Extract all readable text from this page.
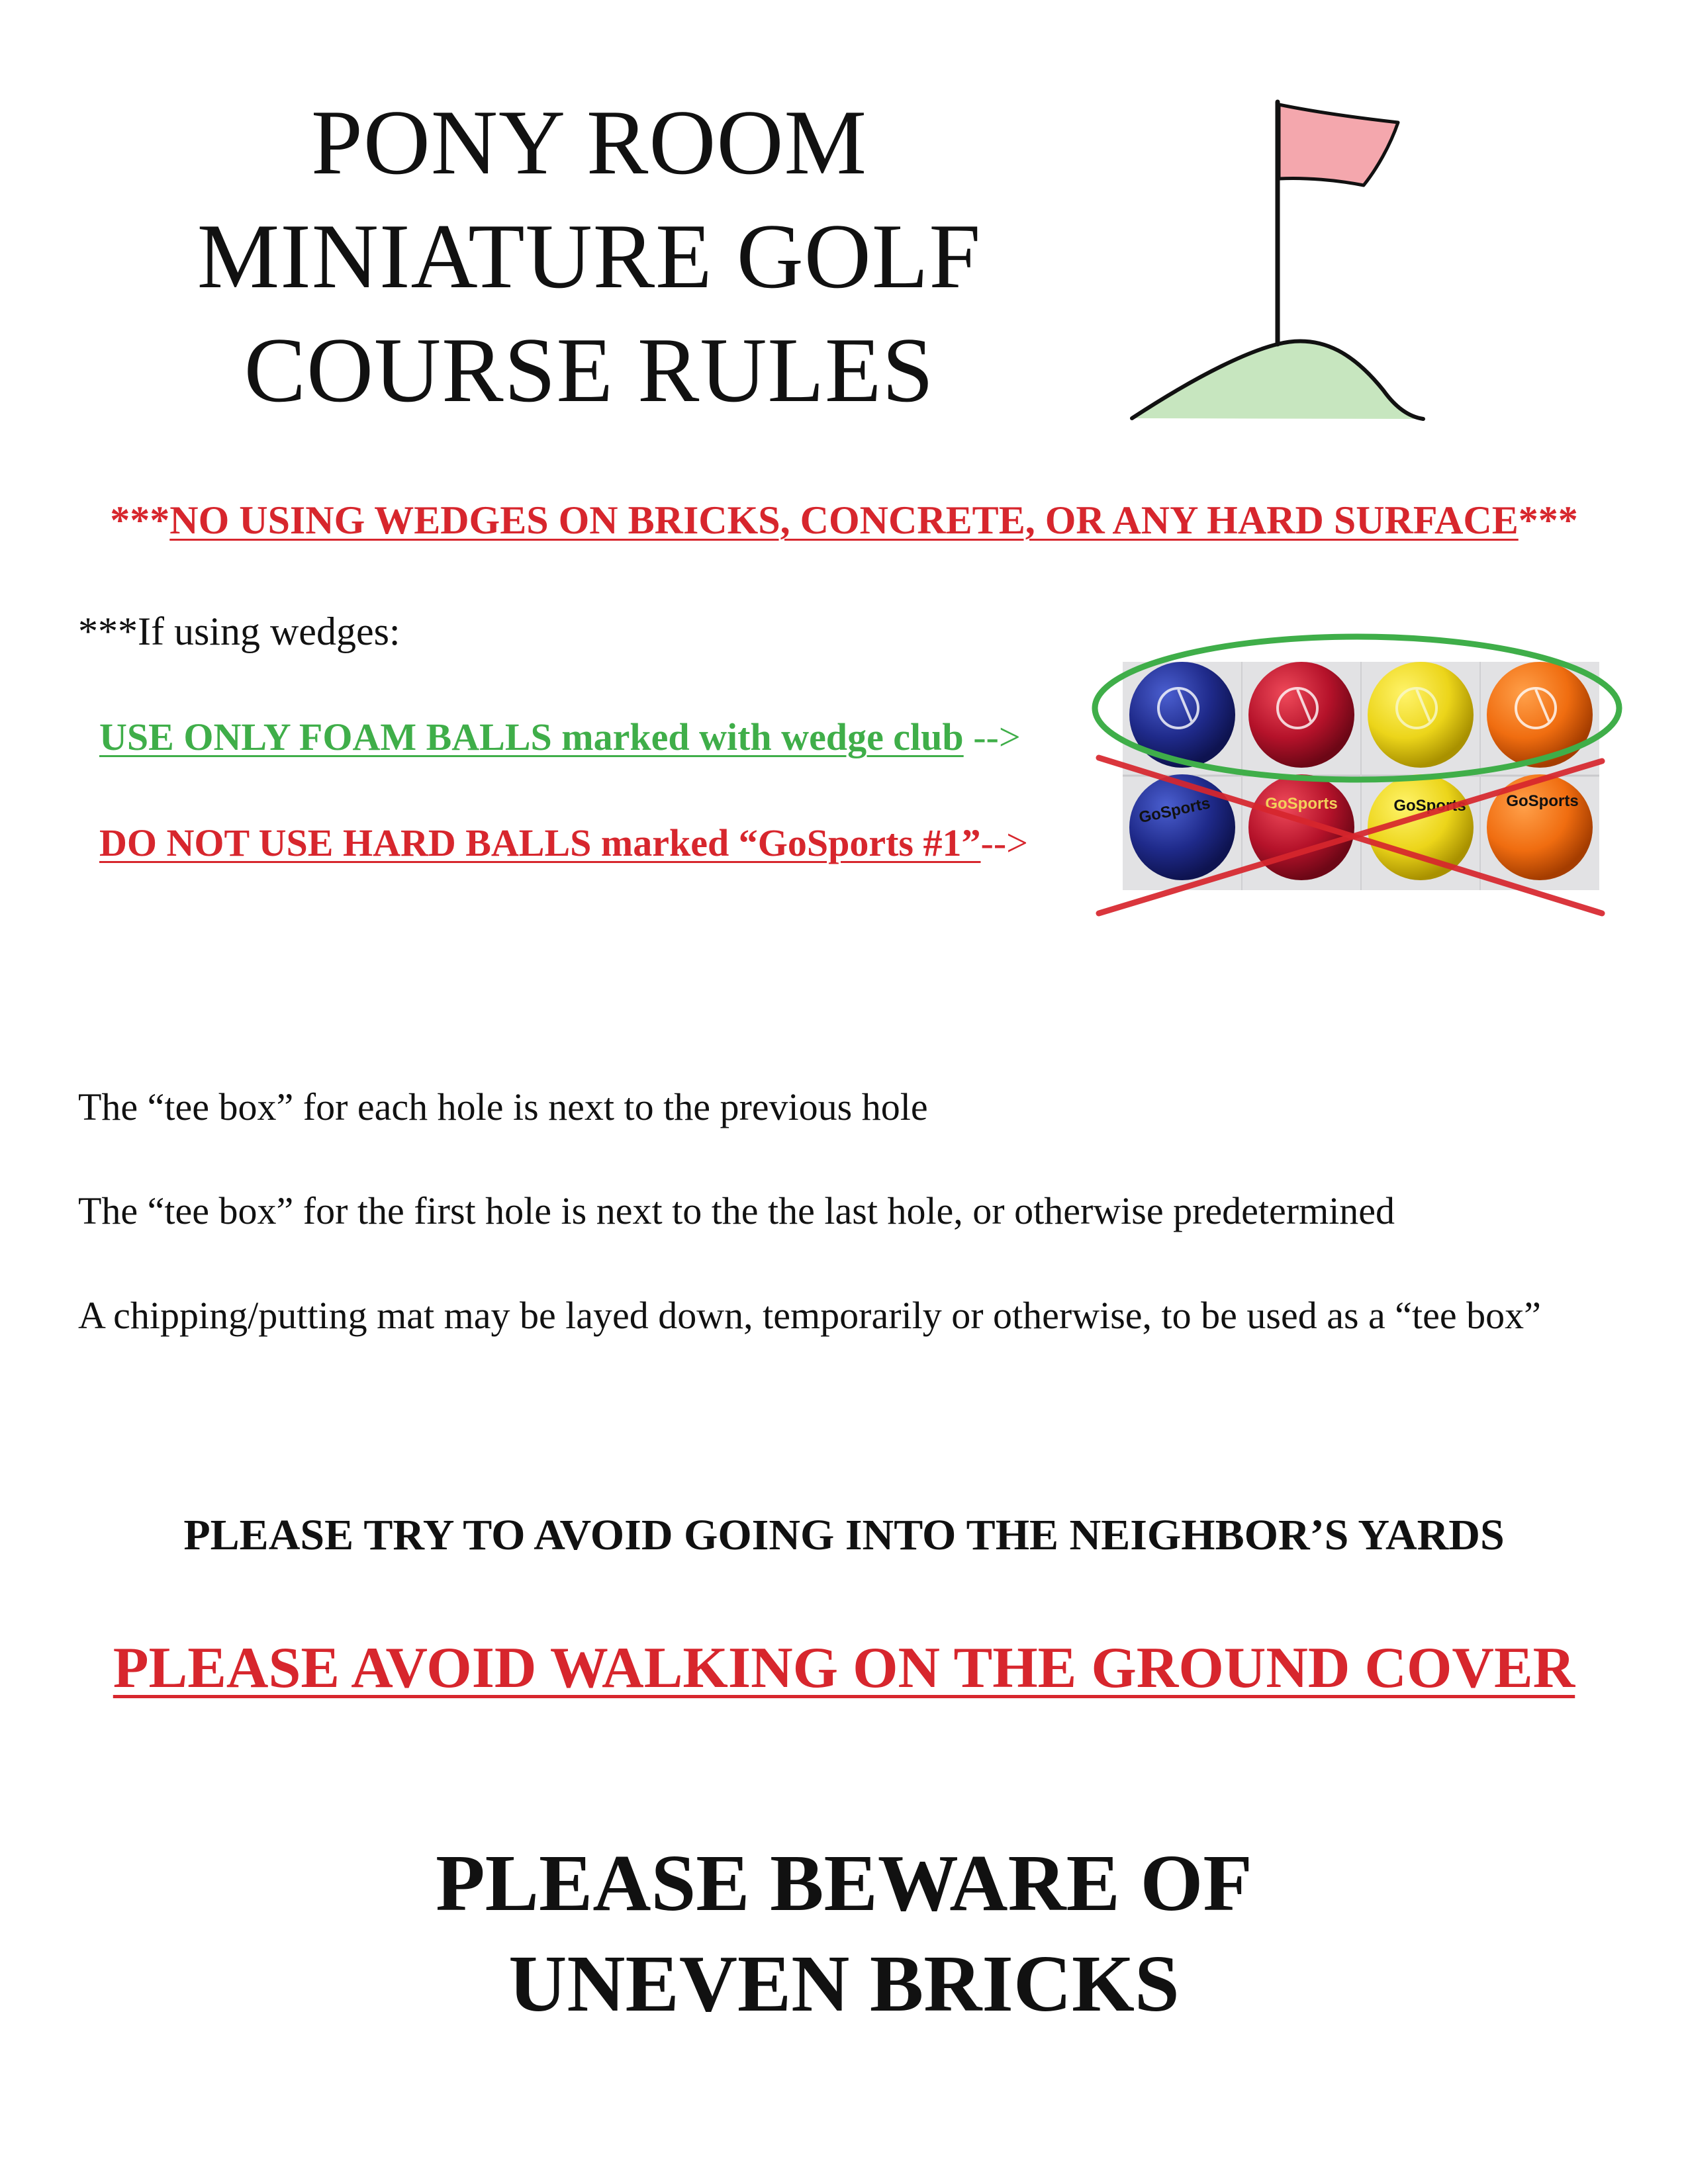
PONY ROOM
MINIATURE GOLF
COURSE RULES
***NO USING WEDGES ON BRICKS, CONCRETE, OR ANY HARD SURFACE***
***If using wedges:
USE ONLY FOAM BALLS marked with wedge club -->
DO NOT USE HARD BALLS marked “GoSports #1”-->
GoSports	GoSports	GoSports	GoSports
The “tee box” for each hole is next to the previous hole
The “tee box” for the first hole is next to the the last hole, or otherwise predetermined
A chipping/putting mat may be layed down, temporarily or otherwise, to be used as a “tee box”
PLEASE TRY TO AVOID GOING INTO THE NEIGHBOR’S YARDS
PLEASE AVOID WALKING ON THE GROUND COVER
PLEASE BEWARE OF
UNEVEN BRICKS
